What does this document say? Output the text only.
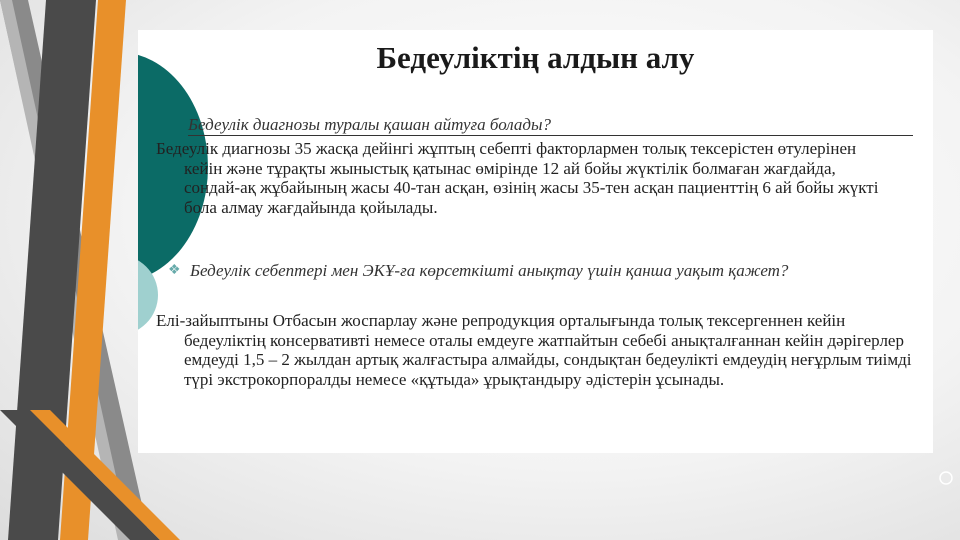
Бедеуліктің алдын алу
Бедеулік диагнозы туралы қашан айтуға болады?
Бедеулік диагнозы 35 жасқа дейінгі жұптың себепті факторлармен толық тексерістен өтулерінен кейін және тұрақты жыныстық қатынас өмірінде 12 ай бойы жүктілік болмаған жағдайда, сондай-ақ жұбайының жасы 40-тан асқан, өзінің жасы 35-тен асқан пациенттің 6 ай бойы жүкті бола алмау жағдайында қойылады.
❖ Бедеулік себептері мен ЭКҰ-ға көрсеткішті анықтау үшін қанша уақыт қажет?
Елі-зайыптыны Отбасын жоспарлау және репродукция орталығында толық тексергеннен кейін бедеуліктің консервативті немесе оталы емдеуге жатпайтын себебі анықталғаннан кейін дәрігерлер емдеуді 1,5 – 2 жылдан артық жалғастыра алмайды, сондықтан бедеулікті емдеудің неғұрлым тиімді түрі экстрокорпоралды немесе «құтыда» ұрықтандыру әдістерін ұсынады.
